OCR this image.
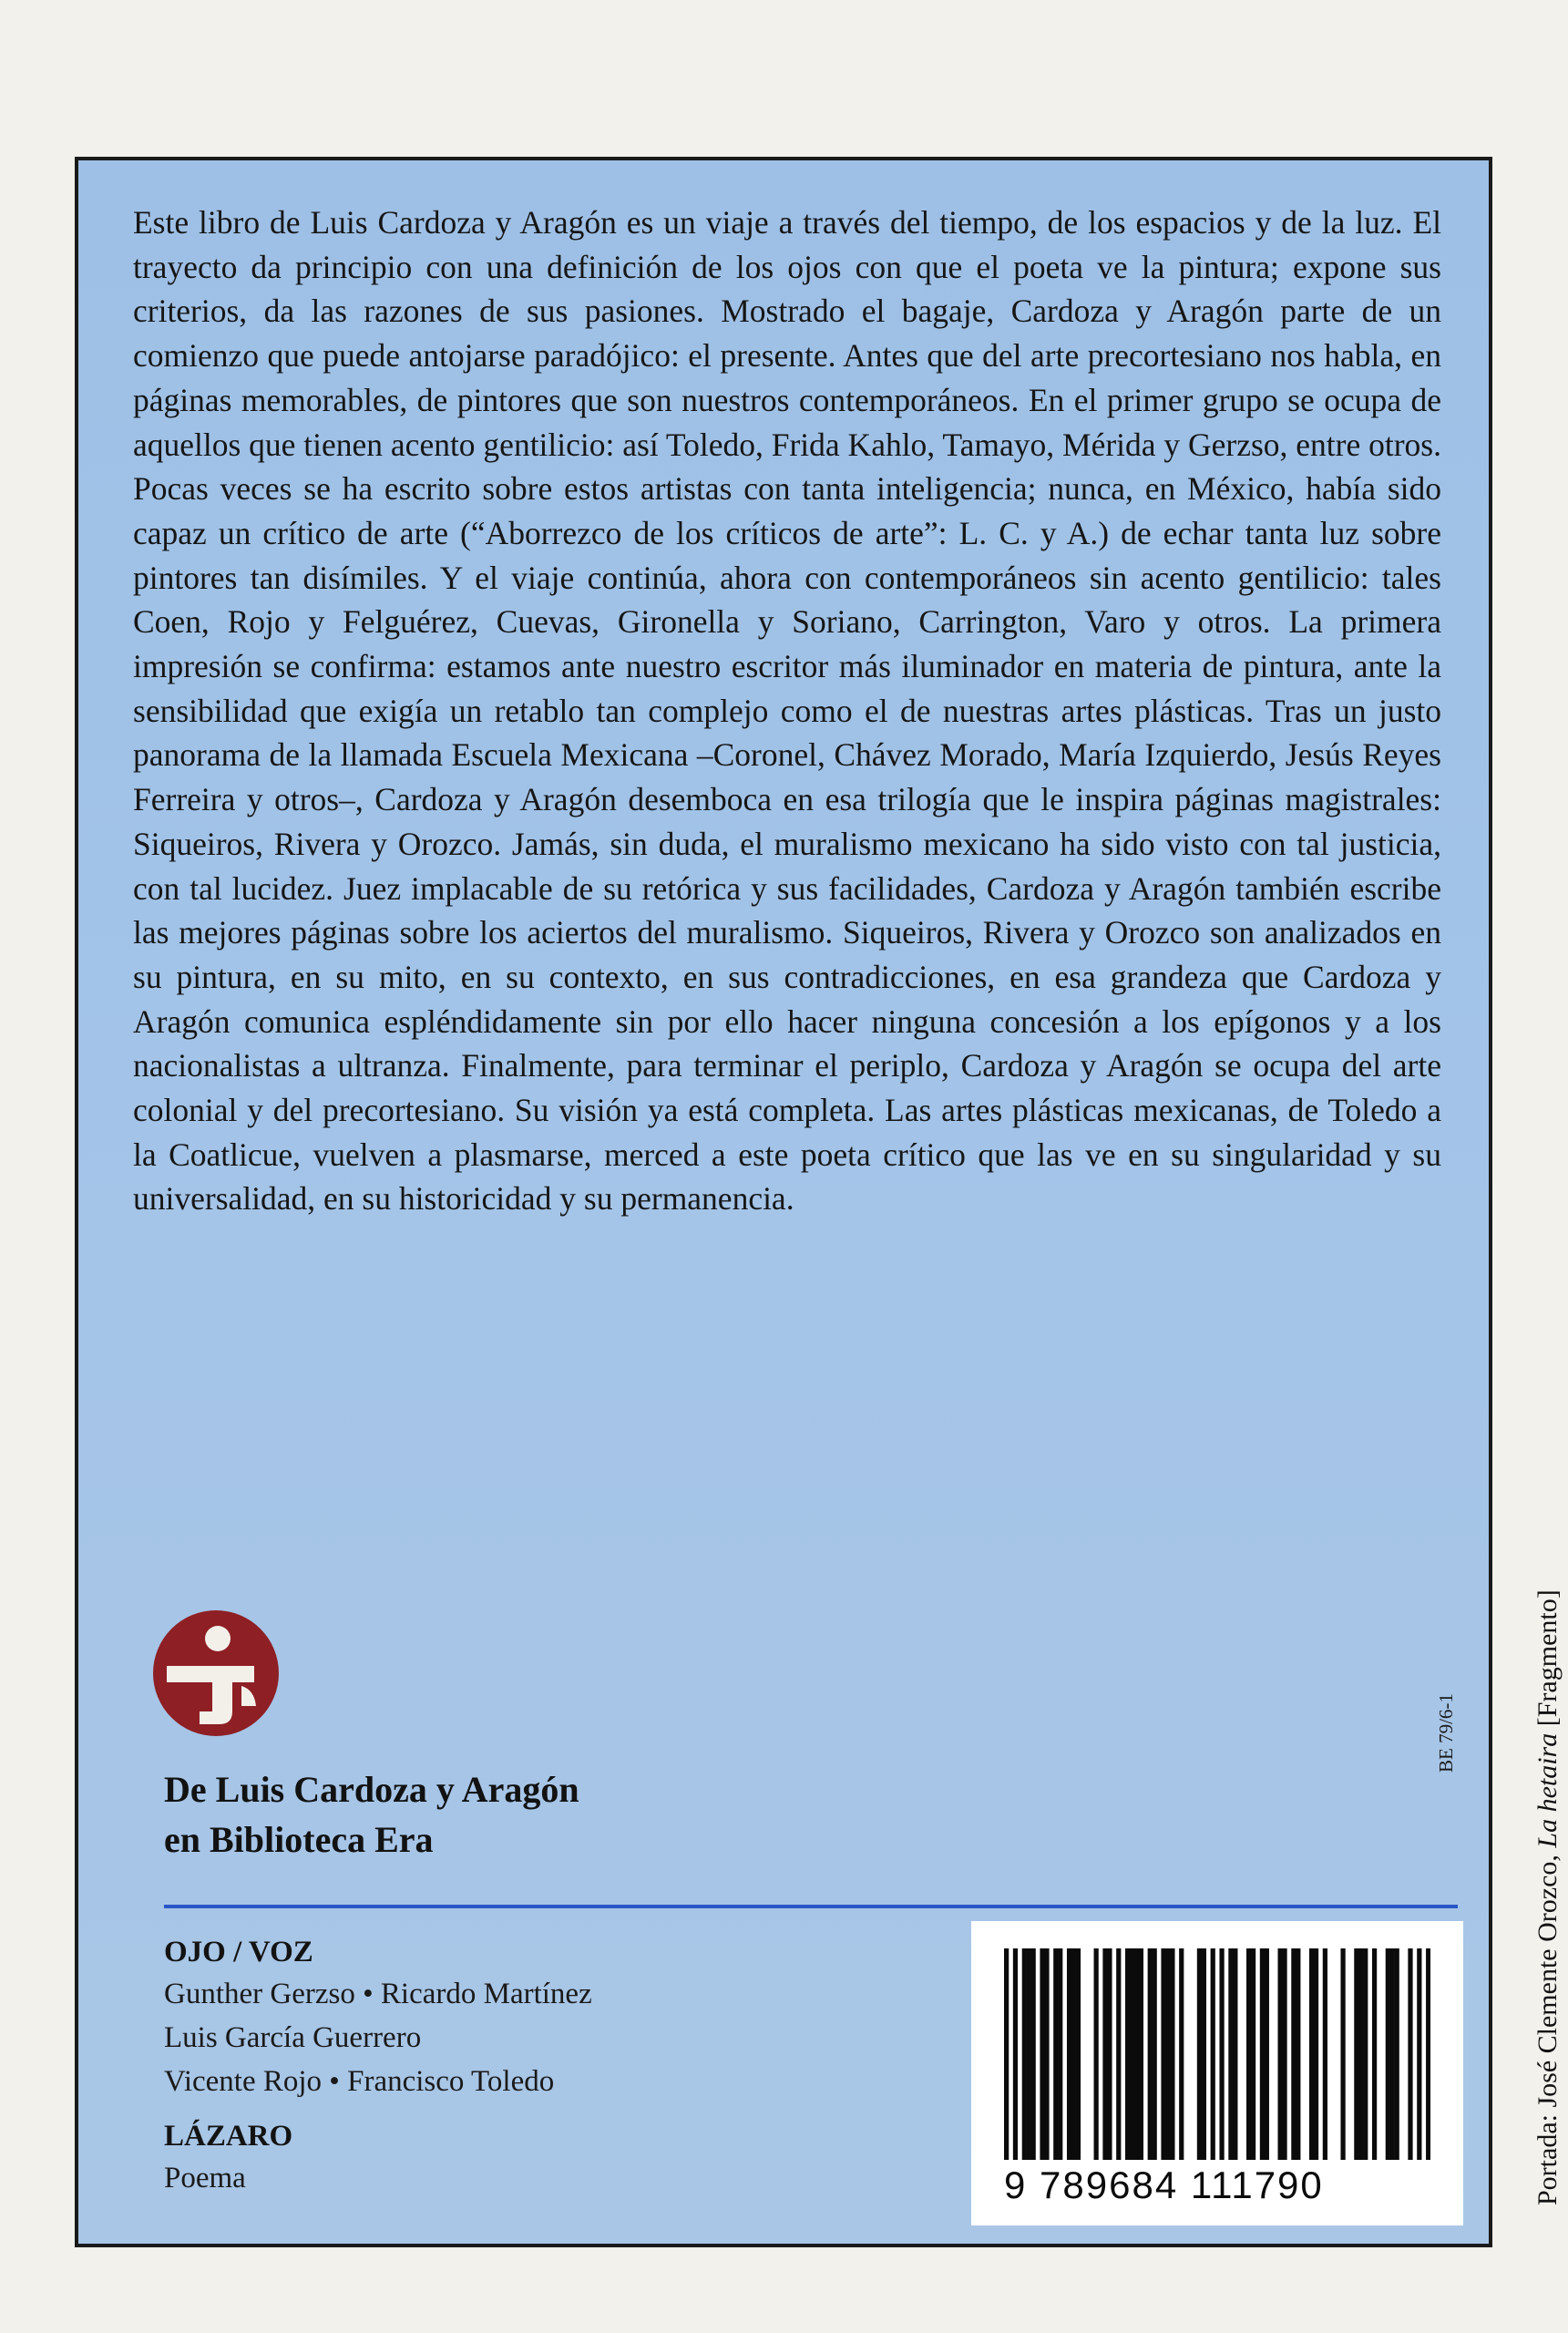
Este libro de Luis Cardoza y Aragón es un viaje a través del tiempo, de los espacios y de la luz. El trayecto da principio con una definición de los ojos con que el poeta ve la pintura; expone sus criterios, da las razones de sus pasiones. Mostrado el bagaje, Cardoza y Aragón parte de un comienzo que puede antojarse paradójico: el presente. Antes que del arte precortesiano nos habla, en páginas memorables, de pintores que son nuestros contemporáneos. En el primer grupo se ocupa de aquellos que tienen acento gentilicio: así Toledo, Frida Kahlo, Tamayo, Mérida y Gerzso, entre otros. Pocas veces se ha escrito sobre estos artistas con tanta inteligencia; nunca, en México, había sido capaz un crítico de arte (“Aborrezco de los críticos de arte”: L. C. y A.) de echar tanta luz sobre pintores tan disímiles. Y el viaje continúa, ahora con contemporáneos sin acento gentilicio: tales Coen, Rojo y Felguérez, Cuevas, Gironella y Soriano, Carrington, Varo y otros. La primera impresión se confirma: estamos ante nuestro escritor más iluminador en materia de pintura, ante la sensibilidad que exigía un retablo tan complejo como el de nuestras artes plásticas. Tras un justo panorama de la llamada Escuela Mexicana –Coronel, Chávez Morado, María Izquierdo, Jesús Reyes Ferreira y otros–, Cardoza y Aragón desemboca en esa trilogía que le inspira páginas magistrales: Siqueiros, Rivera y Orozco. Jamás, sin duda, el muralismo mexicano ha sido visto con tal justicia, con tal lucidez. Juez implacable de su retórica y sus facilidades, Cardoza y Aragón también escribe las mejores páginas sobre los aciertos del muralismo. Siqueiros, Rivera y Orozco son analizados en su pintura, en su mito, en su contexto, en sus contradicciones, en esa grandeza que Cardoza y Aragón comunica espléndidamente sin por ello hacer ninguna concesión a los epígonos y a los nacionalistas a ultranza. Finalmente, para terminar el periplo, Cardoza y Aragón se ocupa del arte colonial y del precortesiano. Su visión ya está completa. Las artes plásticas mexicanas, de Toledo a la Coatlicue, vuelven a plasmarse, merced a este poeta crítico que las ve en su singularidad y su universalidad, en su historicidad y su permanencia.

De Luis Cardoza y Aragón
en Biblioteca Era
OJO / VOZ
Gunther Gerzso • Ricardo Martínez
Luis García Guerrero
Vicente Rojo • Francisco Toledo
LÁZARO
Poema	9 789684 111790
BE 79/6-1
Portada: José Clemente Orozco, La hetaira [Fragmento]
